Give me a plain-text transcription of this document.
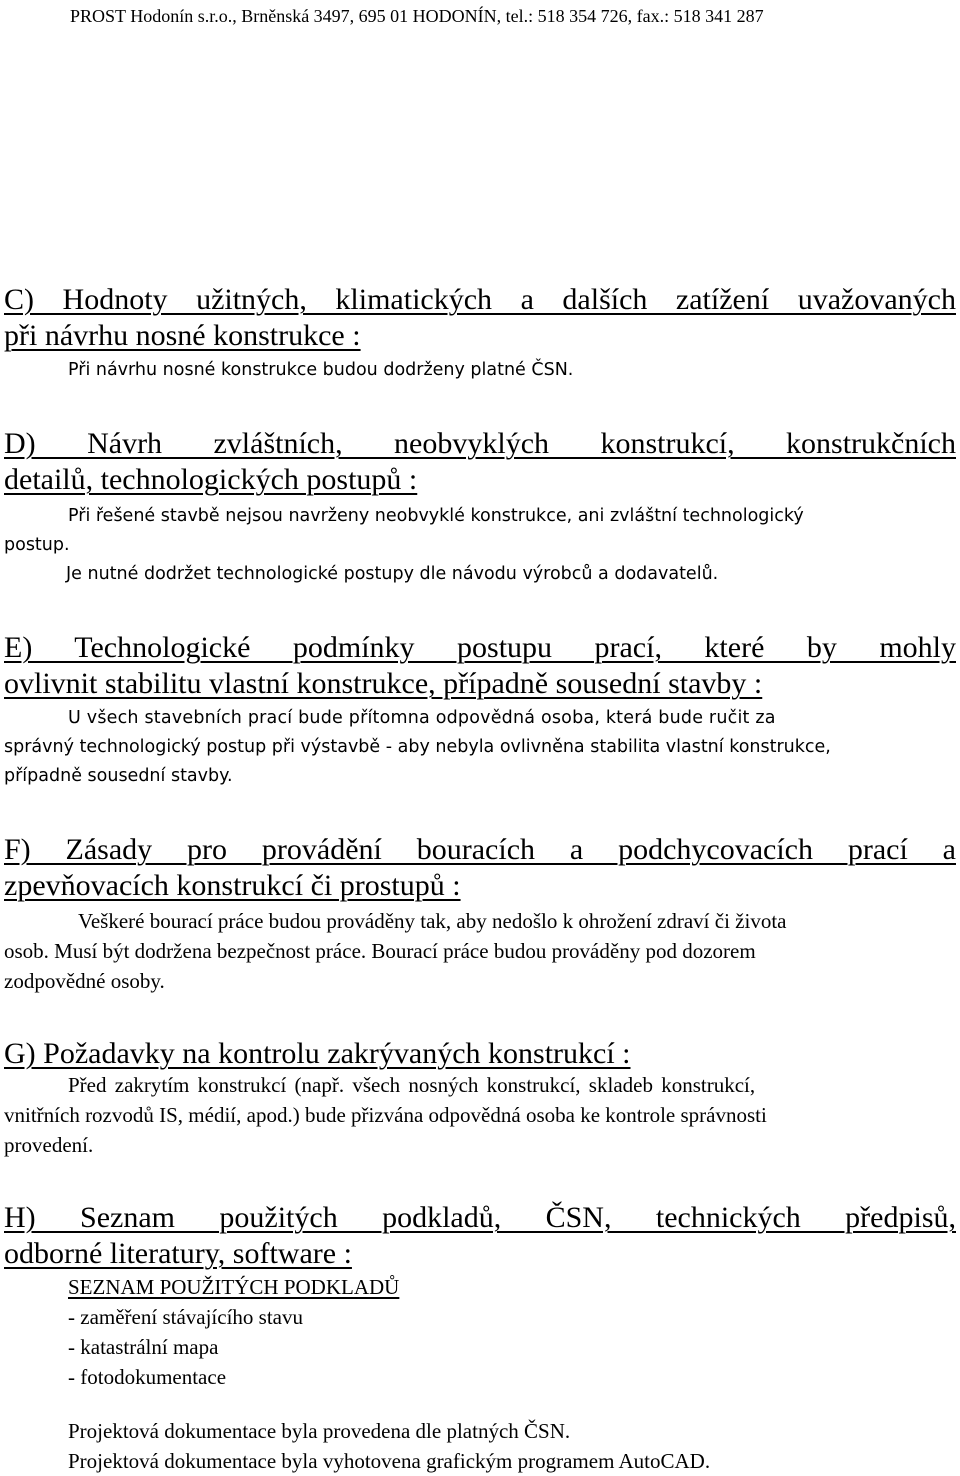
PROST Hodonín s.r.o., Brněnská 3497, 695 01 HODONÍN, tel.: 518 354 726, fax.: 518 341 287
C) Hodnoty užitných, klimatických a dalších zatížení uvažovaných
při návrhu nosné konstrukce :
Při návrhu nosné konstrukce budou dodrženy platné ČSN.
D) Návrh zvláštních, neobvyklých konstrukcí, konstrukčních
detailů, technologických postupů :
Při řešené stavbě nejsou navrženy neobvyklé konstrukce, ani zvláštní technologický
postup.
Je nutné dodržet technologické postupy dle návodu výrobců a dodavatelů.
E) Technologické podmínky postupu prací, které by mohly
ovlivnit stabilitu vlastní konstrukce, případně sousední stavby :
U všech stavebních prací bude přítomna odpovědná osoba, která bude ručit za
správný technologický postup při výstavbě - aby nebyla ovlivněna stabilita vlastní konstrukce,
případně sousední stavby.
F) Zásady pro provádění bouracích a podchycovacích prací a
zpevňovacích konstrukcí či prostupů :
Veškeré bourací práce budou prováděny tak, aby nedošlo k ohrožení zdraví či života
osob. Musí být dodržena bezpečnost práce. Bourací práce budou prováděny pod dozorem
zodpovědné osoby.
G) Požadavky na kontrolu zakrývaných konstrukcí :
Před zakrytím konstrukcí (např. všech nosných konstrukcí, skladeb konstrukcí,
vnitřních rozvodů IS, médií, apod.) bude přizvána odpovědná osoba ke kontrole správnosti
provedení.
H) Seznam použitých podkladů, ČSN, technických předpisů,
odborné literatury, software :
SEZNAM POUŽITÝCH PODKLADŮ
- zaměření stávajícího stavu
- katastrální mapa
- fotodokumentace
Projektová dokumentace byla provedena dle platných ČSN.
Projektová dokumentace byla vyhotovena grafickým programem AutoCAD.
